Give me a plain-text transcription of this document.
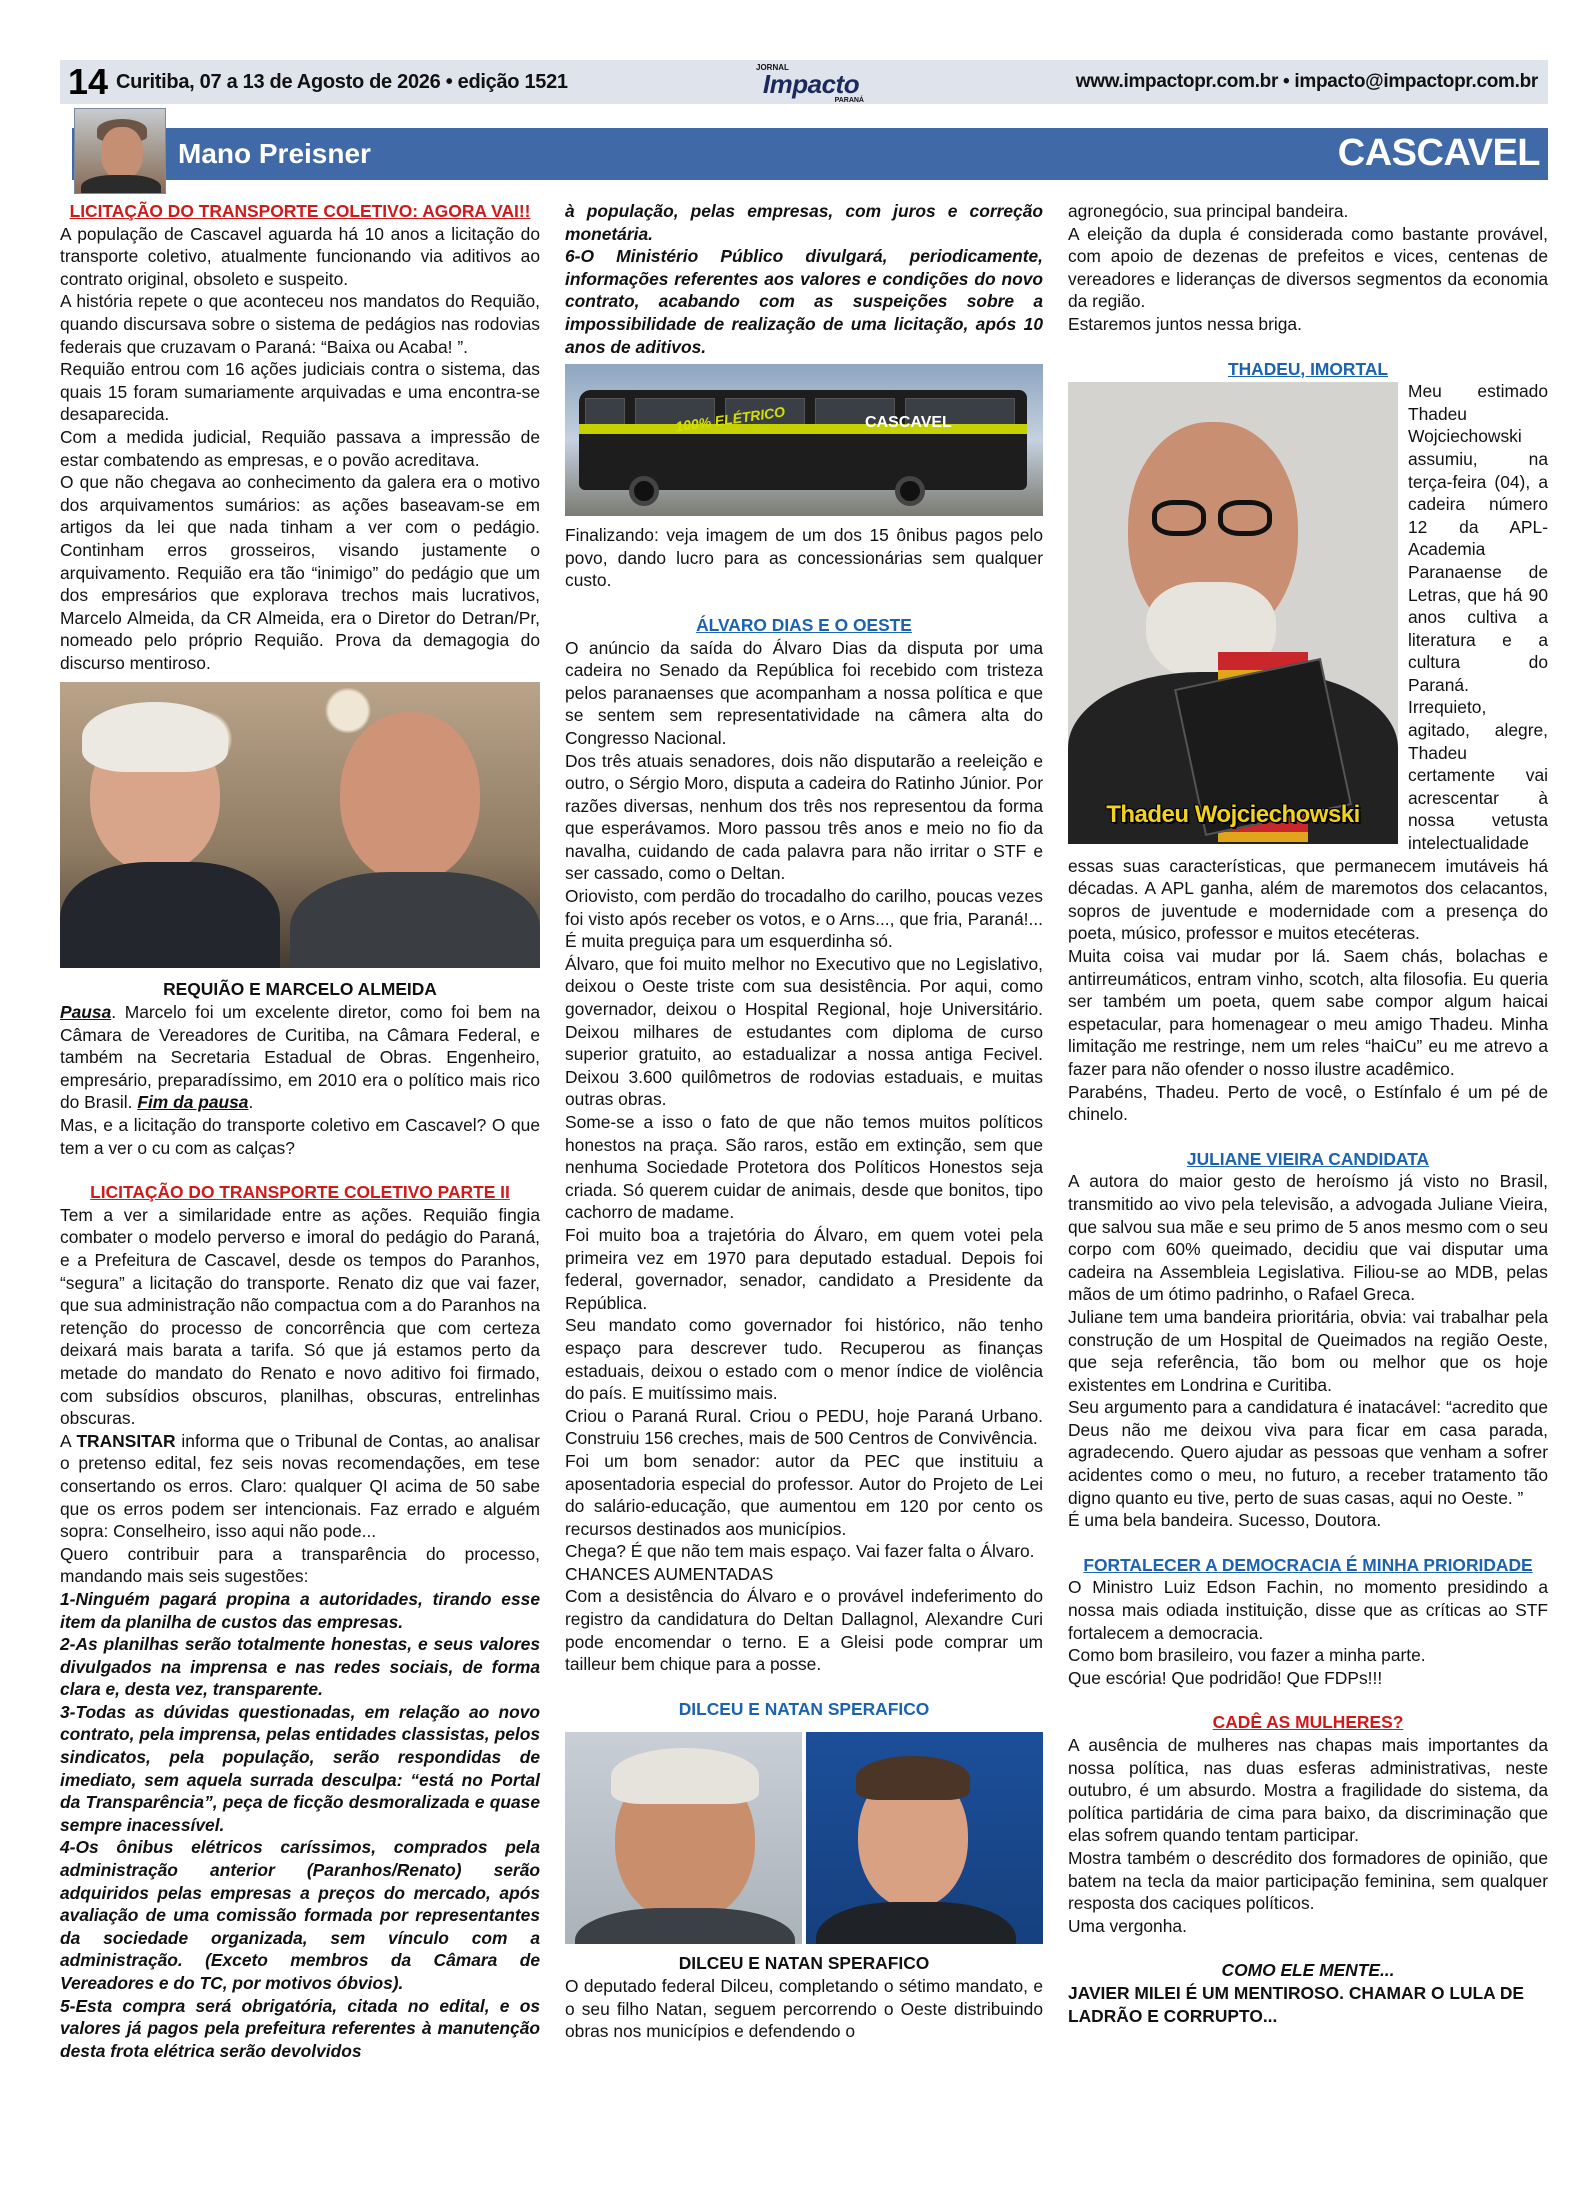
14 Curitiba, 07 a 13 de Agosto de 2026 • edição 1521
JORNAL
Impacto
PARANÁ
www.impactopr.com.br • impacto@impactopr.com.br
Mano Preisner	CASCAVEL

LICITAÇÃO DO TRANSPORTE COLETIVO: AGORA VAI!!

A população de Cascavel aguarda há 10 anos a licitação do transporte coletivo, atualmente funcionando via aditivos ao contrato original, obsoleto e suspeito.

A história repete o que aconteceu nos mandatos do Requião, quando discursava sobre o sistema de pedágios nas rodovias federais que cruzavam o Paraná: “Baixa ou Acaba! ”.

Requião entrou com 16 ações judiciais contra o sistema, das quais 15 foram sumariamente arquivadas e uma encontra-se desaparecida.

Com a medida judicial, Requião passava a impressão de estar combatendo as empresas, e o povão acreditava.

O que não chegava ao conhecimento da galera era o motivo dos arquivamentos sumários: as ações baseavam-se em artigos da lei que nada tinham a ver com o pedágio. Continham erros grosseiros, visando justamente o arquivamento. Requião era tão “inimigo” do pedágio que um dos empresários que explorava trechos mais lucrativos, Marcelo Almeida, da CR Almeida, era o Diretor do Detran/Pr, nomeado pelo próprio Requião. Prova da demagogia do discurso mentiroso.

REQUIÃO E MARCELO ALMEIDA

Pausa. Marcelo foi um excelente diretor, como foi bem na Câmara de Vereadores de Curitiba, na Câmara Federal, e também na Secretaria Estadual de Obras. Engenheiro, empresário, preparadíssimo, em 2010 era o político mais rico do Brasil. Fim da pausa.

Mas, e a licitação do transporte coletivo em Cascavel? O que tem a ver o cu com as calças?

LICITAÇÃO DO TRANSPORTE COLETIVO PARTE II

Tem a ver a similaridade entre as ações. Requião fingia combater o modelo perverso e imoral do pedágio do Paraná, e a Prefeitura de Cascavel, desde os tempos do Paranhos, “segura” a licitação do transporte. Renato diz que vai fazer, que sua administração não compactua com a do Paranhos na retenção do processo de concorrência que com certeza deixará mais barata a tarifa. Só que já estamos perto da metade do mandato do Renato e novo aditivo foi firmado, com subsídios obscuros, planilhas, obscuras, entrelinhas obscuras.

A TRANSITAR informa que o Tribunal de Contas, ao analisar o pretenso edital, fez seis novas recomendações, em tese consertando os erros. Claro: qualquer QI acima de 50 sabe que os erros podem ser intencionais. Faz errado e alguém sopra: Conselheiro, isso aqui não pode...

Quero contribuir para a transparência do processo, mandando mais seis sugestões:

1-Ninguém pagará propina a autoridades, tirando esse item da planilha de custos das empresas.

2-As planilhas serão totalmente honestas, e seus valores divulgados na imprensa e nas redes sociais, de forma clara e, desta vez, transparente.

3-Todas as dúvidas questionadas, em relação ao novo contrato, pela imprensa, pelas entidades classistas, pelos sindicatos, pela população, serão respondidas de imediato, sem aquela surrada desculpa: “está no Portal da Transparência”, peça de ficção desmoralizada e quase sempre inacessível.

4-Os ônibus elétricos caríssimos, comprados pela administração anterior (Paranhos/Renato) serão adquiridos pelas empresas a preços do mercado, após avaliação de uma comissão formada por representantes da sociedade organizada, sem vínculo com a administração. (Exceto membros da Câmara de Vereadores e do TC, por motivos óbvios).

5-Esta compra será obrigatória, citada no edital, e os valores já pagos pela prefeitura referentes à manutenção desta frota elétrica serão devolvidos

à população, pelas empresas, com juros e correção monetária.

6-O Ministério Público divulgará, periodicamente, informações referentes aos valores e condições do novo contrato, acabando com as suspeições sobre a impossibilidade de realização de uma licitação, após 10 anos de aditivos.

100% ELÉTRICO	CASCAVEL

Finalizando: veja imagem de um dos 15 ônibus pagos pelo povo, dando lucro para as concessionárias sem qualquer custo.

ÁLVARO DIAS E O OESTE

O anúncio da saída do Álvaro Dias da disputa por uma cadeira no Senado da República foi recebido com tristeza pelos paranaenses que acompanham a nossa política e que se sentem sem representatividade na câmera alta do Congresso Nacional.

Dos três atuais senadores, dois não disputarão a reeleição e outro, o Sérgio Moro, disputa a cadeira do Ratinho Júnior. Por razões diversas, nenhum dos três nos representou da forma que esperávamos. Moro passou três anos e meio no fio da navalha, cuidando de cada palavra para não irritar o STF e ser cassado, como o Deltan.

Oriovisto, com perdão do trocadalho do carilho, poucas vezes foi visto após receber os votos, e o Arns..., que fria, Paraná!... É muita preguiça para um esquerdinha só.

Álvaro, que foi muito melhor no Executivo que no Legislativo, deixou o Oeste triste com sua desistência. Por aqui, como governador, deixou o Hospital Regional, hoje Universitário. Deixou milhares de estudantes com diploma de curso superior gratuito, ao estadualizar a nossa antiga Fecivel. Deixou 3.600 quilômetros de rodovias estaduais, e muitas outras obras.

Some-se a isso o fato de que não temos muitos políticos honestos na praça. São raros, estão em extinção, sem que nenhuma Sociedade Protetora dos Políticos Honestos seja criada. Só querem cuidar de animais, desde que bonitos, tipo cachorro de madame.

Foi muito boa a trajetória do Álvaro, em quem votei pela primeira vez em 1970 para deputado estadual. Depois foi federal, governador, senador, candidato a Presidente da República.

Seu mandato como governador foi histórico, não tenho espaço para descrever tudo. Recuperou as finanças estaduais, deixou o estado com o menor índice de violência do país. E muitíssimo mais.

Criou o Paraná Rural. Criou o PEDU, hoje Paraná Urbano. Construiu 156 creches, mais de 500 Centros de Convivência.

Foi um bom senador: autor da PEC que instituiu a aposentadoria especial do professor. Autor do Projeto de Lei do salário-educação, que aumentou em 120 por cento os recursos destinados aos municípios.

Chega? É que não tem mais espaço. Vai fazer falta o Álvaro.

CHANCES AUMENTADAS

Com a desistência do Álvaro e o provável indeferimento do registro da candidatura do Deltan Dallagnol, Alexandre Curi pode encomendar o terno. E a Gleisi pode comprar um tailleur bem chique para a posse.

DILCEU E NATAN SPERAFICO

DILCEU E NATAN SPERAFICO

O deputado federal Dilceu, completando o sétimo mandato, e o seu filho Natan, seguem percorrendo o Oeste distribuindo obras nos municípios e defendendo o

agronegócio, sua principal bandeira.

A eleição da dupla é considerada como bastante provável, com apoio de dezenas de prefeitos e vices, centenas de vereadores e lideranças de diversos segmentos da economia da região.

Estaremos juntos nessa briga.

THADEU, IMORTAL

Thadeu Wojciechowski

Meu estimado Thadeu Wojciechowski assumiu, na terça-feira (04), a cadeira número 12 da APL-Academia Paranaense de Letras, que há 90 anos cultiva a literatura e a cultura do Paraná. Irrequieto, agitado, alegre, Thadeu certamente vai acrescentar à nossa vetusta intelectualidade essas suas características, que permanecem imutáveis há décadas. A APL ganha, além de maremotos dos celacantos, sopros de juventude e modernidade com a presença do poeta, músico, professor e muitos etecéteras.

Muita coisa vai mudar por lá. Saem chás, bolachas e antirreumáticos, entram vinho, scotch, alta filosofia. Eu queria ser também um poeta, quem sabe compor algum haicai espetacular, para homenagear o meu amigo Thadeu. Minha limitação me restringe, nem um reles “haiCu” eu me atrevo a fazer para não ofender o nosso ilustre acadêmico.

Parabéns, Thadeu. Perto de você, o Estínfalo é um pé de chinelo.

JULIANE VIEIRA CANDIDATA

A autora do maior gesto de heroísmo já visto no Brasil, transmitido ao vivo pela televisão, a advogada Juliane Vieira, que salvou sua mãe e seu primo de 5 anos mesmo com o seu corpo com 60% queimado, decidiu que vai disputar uma cadeira na Assembleia Legislativa. Filiou-se ao MDB, pelas mãos de um ótimo padrinho, o Rafael Greca.

Juliane tem uma bandeira prioritária, obvia: vai trabalhar pela construção de um Hospital de Queimados na região Oeste, que seja referência, tão bom ou melhor que os hoje existentes em Londrina e Curitiba.

Seu argumento para a candidatura é inatacável: “acredito que Deus não me deixou viva para ficar em casa parada, agradecendo. Quero ajudar as pessoas que venham a sofrer acidentes como o meu, no futuro, a receber tratamento tão digno quanto eu tive, perto de suas casas, aqui no Oeste. ”

É uma bela bandeira. Sucesso, Doutora.

FORTALECER A DEMOCRACIA É MINHA PRIORIDADE

O Ministro Luiz Edson Fachin, no momento presidindo a nossa mais odiada instituição, disse que as críticas ao STF fortalecem a democracia.

Como bom brasileiro, vou fazer a minha parte.

Que escória! Que podridão! Que FDPs!!!

CADÊ AS MULHERES?

A ausência de mulheres nas chapas mais importantes da nossa política, nas duas esferas administrativas, neste outubro, é um absurdo. Mostra a fragilidade do sistema, da política partidária de cima para baixo, da discriminação que elas sofrem quando tentam participar.

Mostra também o descrédito dos formadores de opinião, que batem na tecla da maior participação feminina, sem qualquer resposta dos caciques políticos.

Uma vergonha.

COMO ELE MENTE...

JAVIER MILEI É UM MENTIROSO. CHAMAR O LULA DE LADRÃO E CORRUPTO...
